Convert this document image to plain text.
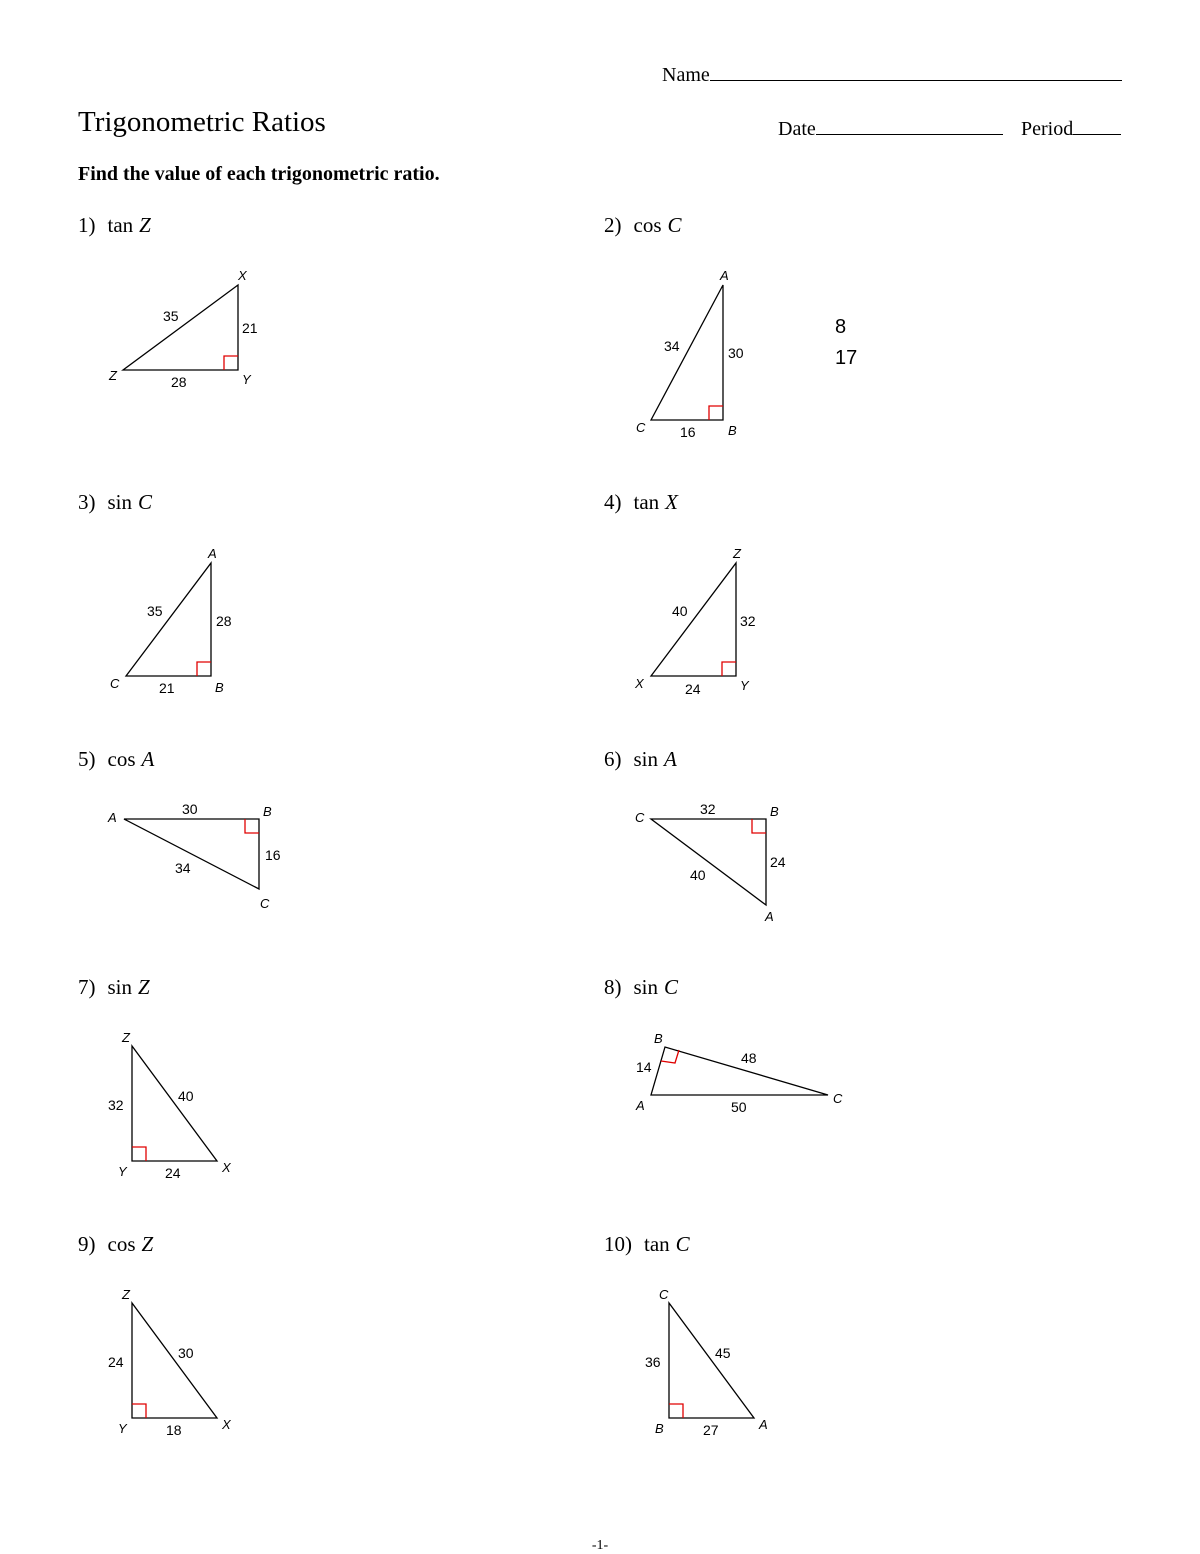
Name
Date	Period
Trigonometric Ratios
Find the value of each trigonometric ratio.
1) tan Z	2) cos C
3) sin C	4) tan X
5) cos A	6) sin A
7) sin Z	8) sin C
9) cos Z	10) tan C
8
17
Z
X
Y
35
21
28
A
C	B
34	30
16
A
C	B
35
28
21
Z
X	Y
40
32
24
A	B
C
30
16
34
C	B
A
32
24
40
Z
Y	X
32
40
24
B
A	C
14
48
50
Z
Y	X
24
30
18
C
B	A
36
45
27
-1-
